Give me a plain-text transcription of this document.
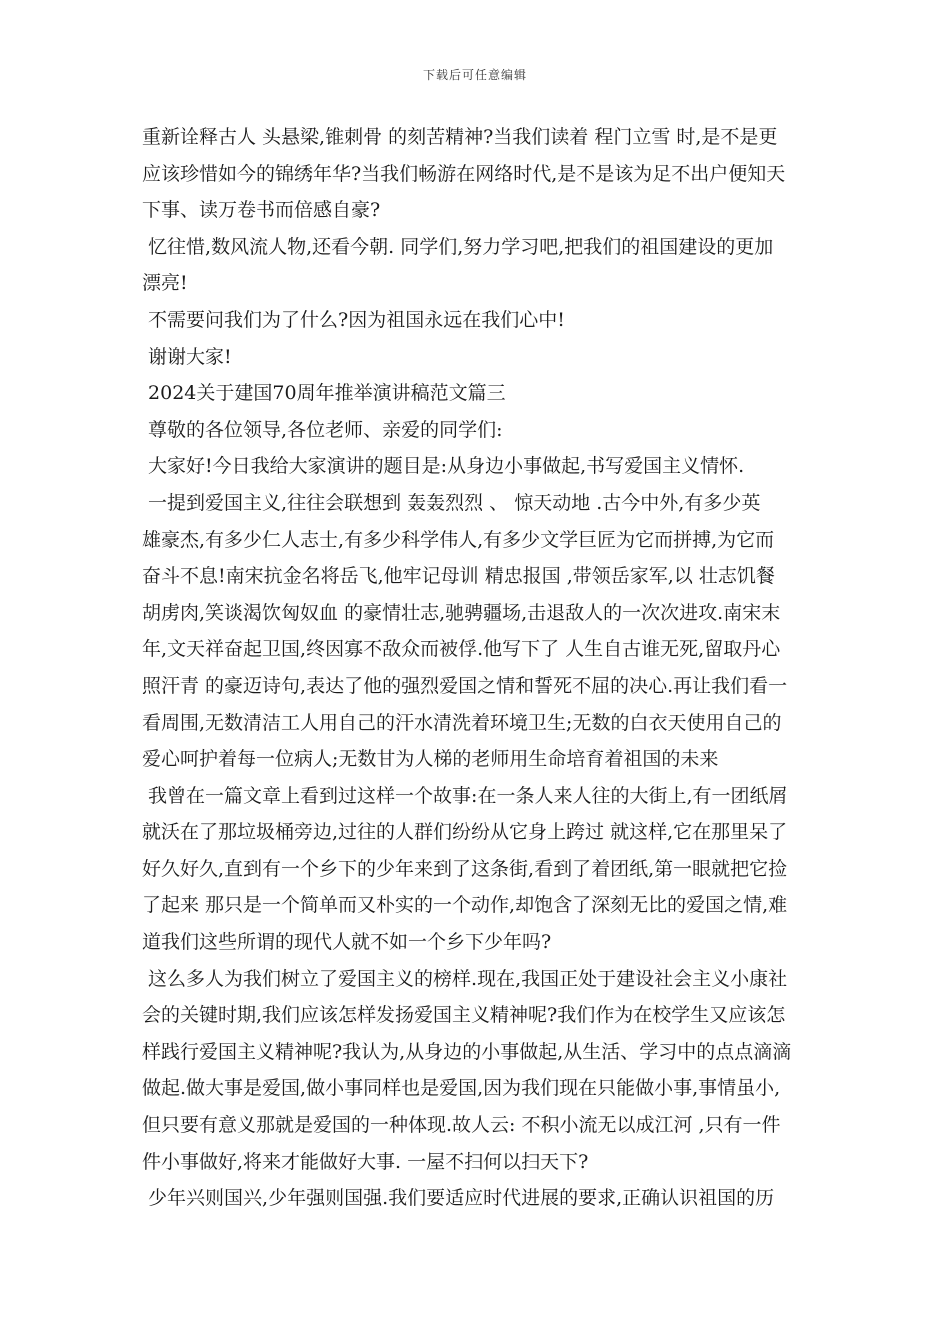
下载后可任意编辑
重新诠释古人 头悬梁,锥刺骨 的刻苦精神?当我们读着 程门立雪 时,是不是更
应该珍惜如今的锦绣年华?当我们畅游在网络时代,是不是该为足不出户便知天
下事、读万卷书而倍感自豪?
忆往惜,数风流人物,还看今朝. 同学们,努力学习吧,把我们的祖国建设的更加
漂亮!
不需要问我们为了什么?因为祖国永远在我们心中!
谢谢大家!
2024关于建国70周年推举演讲稿范文篇三
尊敬的各位领导,各位老师、亲爱的同学们:
大家好!今日我给大家演讲的题目是:从身边小事做起,书写爱国主义情怀.
一提到爱国主义,往往会联想到 轰轰烈烈 、 惊天动地 .古今中外,有多少英
雄豪杰,有多少仁人志士,有多少科学伟人,有多少文学巨匠为它而拼搏,为它而
奋斗不息!南宋抗金名将岳飞,他牢记母训 精忠报国 ,带领岳家军,以 壮志饥餐
胡虏肉,笑谈渴饮匈奴血 的豪情壮志,驰骋疆场,击退敌人的一次次进攻.南宋末
年,文天祥奋起卫国,终因寡不敌众而被俘.他写下了 人生自古谁无死,留取丹心
照汗青 的豪迈诗句,表达了他的强烈爱国之情和誓死不屈的决心.再让我们看一
看周围,无数清洁工人用自己的汗水清洗着环境卫生;无数的白衣天使用自己的
爱心呵护着每一位病人;无数甘为人梯的老师用生命培育着祖国的未来
我曾在一篇文章上看到过这样一个故事:在一条人来人往的大街上,有一团纸屑
就沃在了那垃圾桶旁边,过往的人群们纷纷从它身上跨过 就这样,它在那里呆了
好久好久,直到有一个乡下的少年来到了这条街,看到了着团纸,第一眼就把它捡
了起来 那只是一个简单而又朴实的一个动作,却饱含了深刻无比的爱国之情,难
道我们这些所谓的现代人就不如一个乡下少年吗?
这么多人为我们树立了爱国主义的榜样.现在,我国正处于建设社会主义小康社
会的关键时期,我们应该怎样发扬爱国主义精神呢?我们作为在校学生又应该怎
样践行爱国主义精神呢?我认为,从身边的小事做起,从生活、学习中的点点滴滴
做起.做大事是爱国,做小事同样也是爱国,因为我们现在只能做小事,事情虽小,
但只要有意义那就是爱国的一种体现.故人云: 不积小流无以成江河 ,只有一件
件小事做好,将来才能做好大事. 一屋不扫何以扫天下?
少年兴则国兴,少年强则国强.我们要适应时代进展的要求,正确认识祖国的历
